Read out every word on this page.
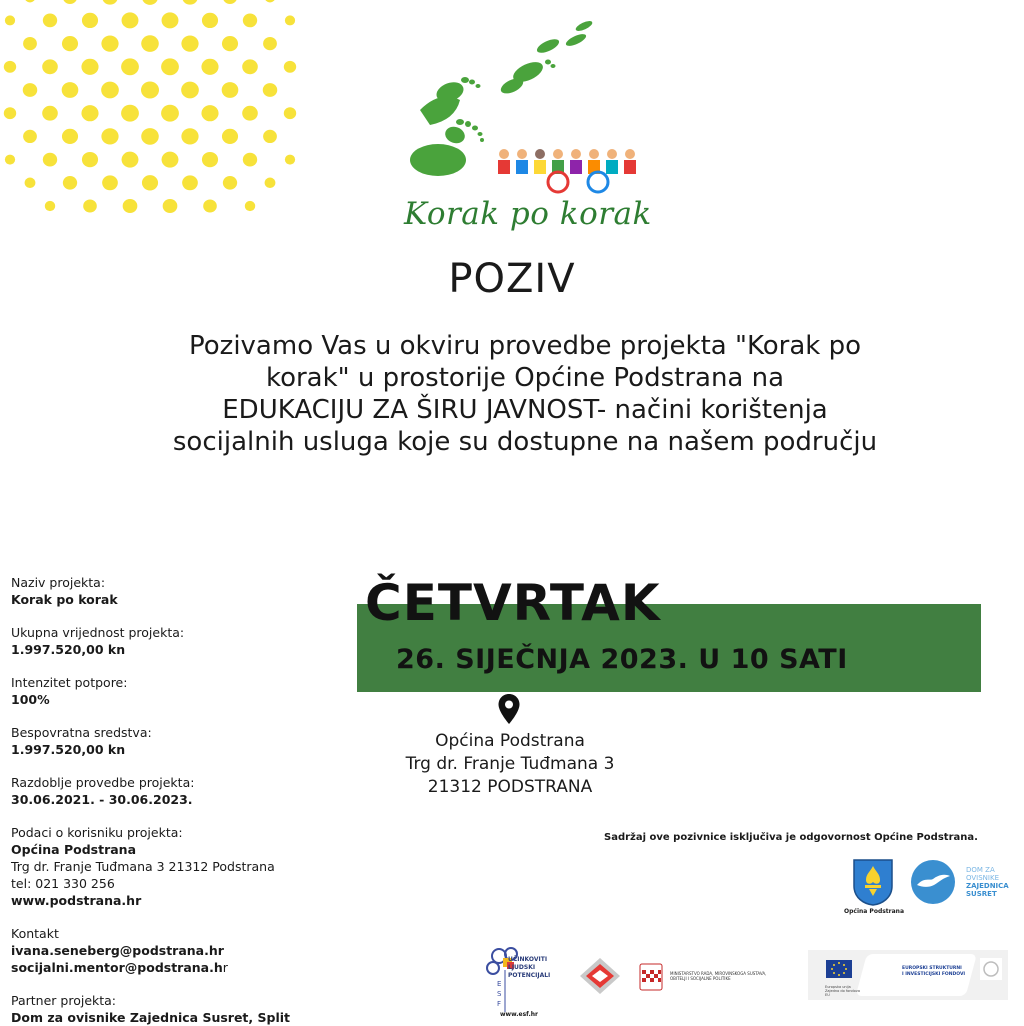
Korak po korak
POZIV
Pozivamo Vas u okviru provedbe projekta "Korak po
korak" u prostorije Općine Podstrana na
EDUKACIJU ZA ŠIRU JAVNOST- načini korištenja
socijalnih usluga koje su dostupne na našem području
Naziv projekta:
Korak po korak
Ukupna vrijednost projekta:
1.997.520,00 kn
Intenzitet potpore:
100%
Bespovratna sredstva:
1.997.520,00 kn
Razdoblje provedbe projekta:
30.06.2021. - 30.06.2023.
Podaci o korisniku projekta:
Općina Podstrana
Trg dr. Franje Tuđmana 3 21312 Podstrana
tel: 021 330 256
www.podstrana.hr
Kontakt
ivana.seneberg@podstrana.hr
socijalni.mentor@podstrana.hr
Partner projekta:
Dom za ovisnike Zajednica Susret, Split
ČETVRTAK
26. SIJEČNJA 2023. U 10 SATI
Općina Podstrana
Trg dr. Franje Tuđmana 3
21312 PODSTRANA
Sadržaj ove pozivnice isključiva je odgovornost Općine Podstrana.
Općina Podstrana
DOM ZA
OVISNIKE
ZAJEDNICA
SUSRET
E
S
F
UČINKOVITI
LJUDSKI
POTENCIJALI
www.esf.hr
MINISTARSTVO RADA, MIROVINSKOGA SUSTAVA, OBITELJI I SOCIJALNE POLITIKE
EUROPSKI STRUKTURNI
I INVESTICIJSKI FONDOVI
Europska unija Zajedno do fondova EU
